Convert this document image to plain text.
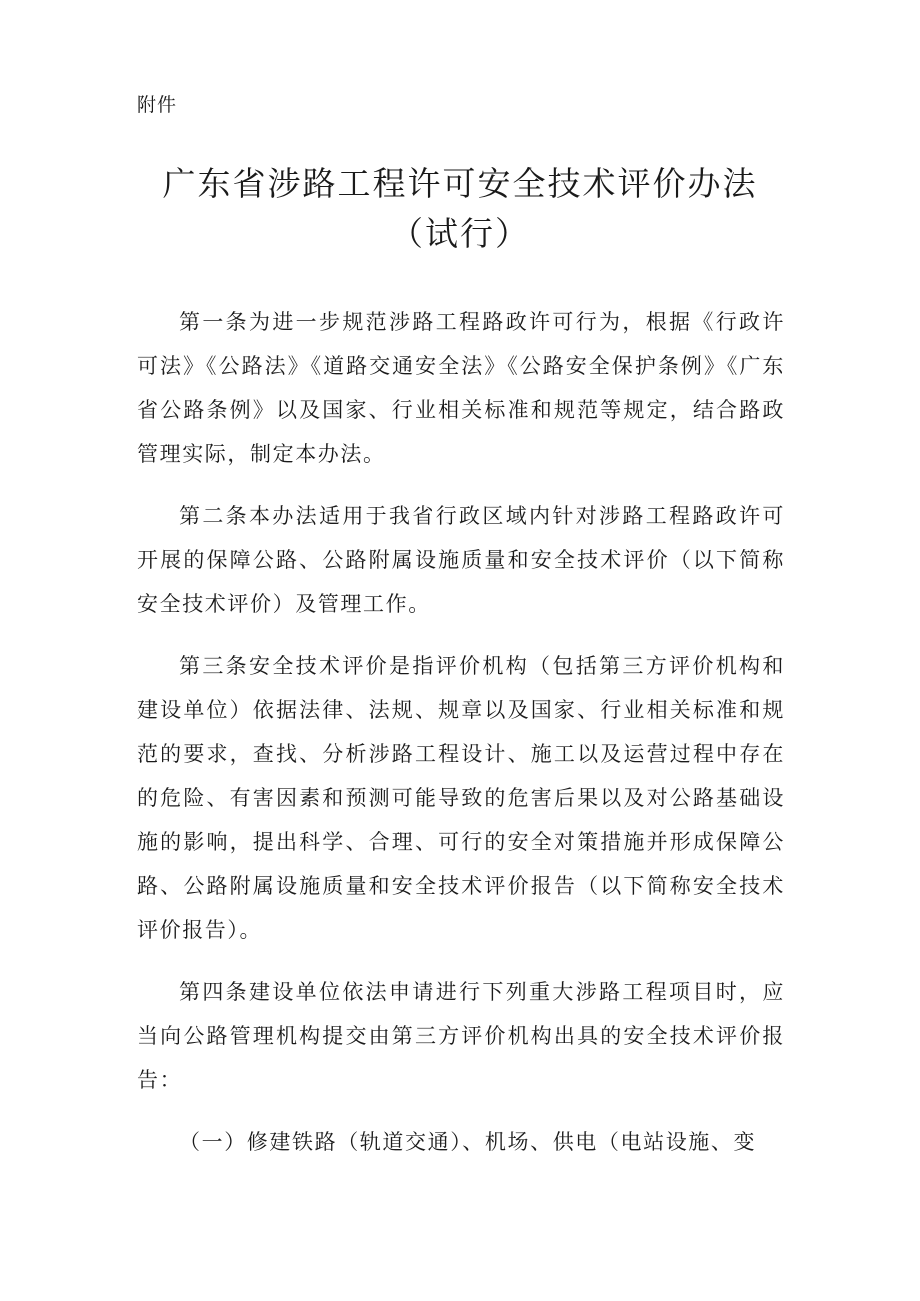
附件
广东省涉路工程许可安全技术评价办法
（试行）

第一条为进一步规范涉路工程路政许可行为，根据《行政许可法》《公路法》《道路交通安全法》《公路安全保护条例》《广东省公路条例》以及国家、行业相关标准和规范等规定，结合路政管理实际，制定本办法。

第二条本办法适用于我省行政区域内针对涉路工程路政许可开展的保障公路、公路附属设施质量和安全技术评价（以下简称安全技术评价）及管理工作。

第三条安全技术评价是指评价机构（包括第三方评价机构和建设单位）依据法律、法规、规章以及国家、行业相关标准和规范的要求，查找、分析涉路工程设计、施工以及运营过程中存在的危险、有害因素和预测可能导致的危害后果以及对公路基础设施的影响，提出科学、合理、可行的安全对策措施并形成保障公路、公路附属设施质量和安全技术评价报告（以下简称安全技术评价报告）。

第四条建设单位依法申请进行下列重大涉路工程项目时，应当向公路管理机构提交由第三方评价机构出具的安全技术评价报告：

（一）修建铁路（轨道交通）、机场、供电（电站设施、变
